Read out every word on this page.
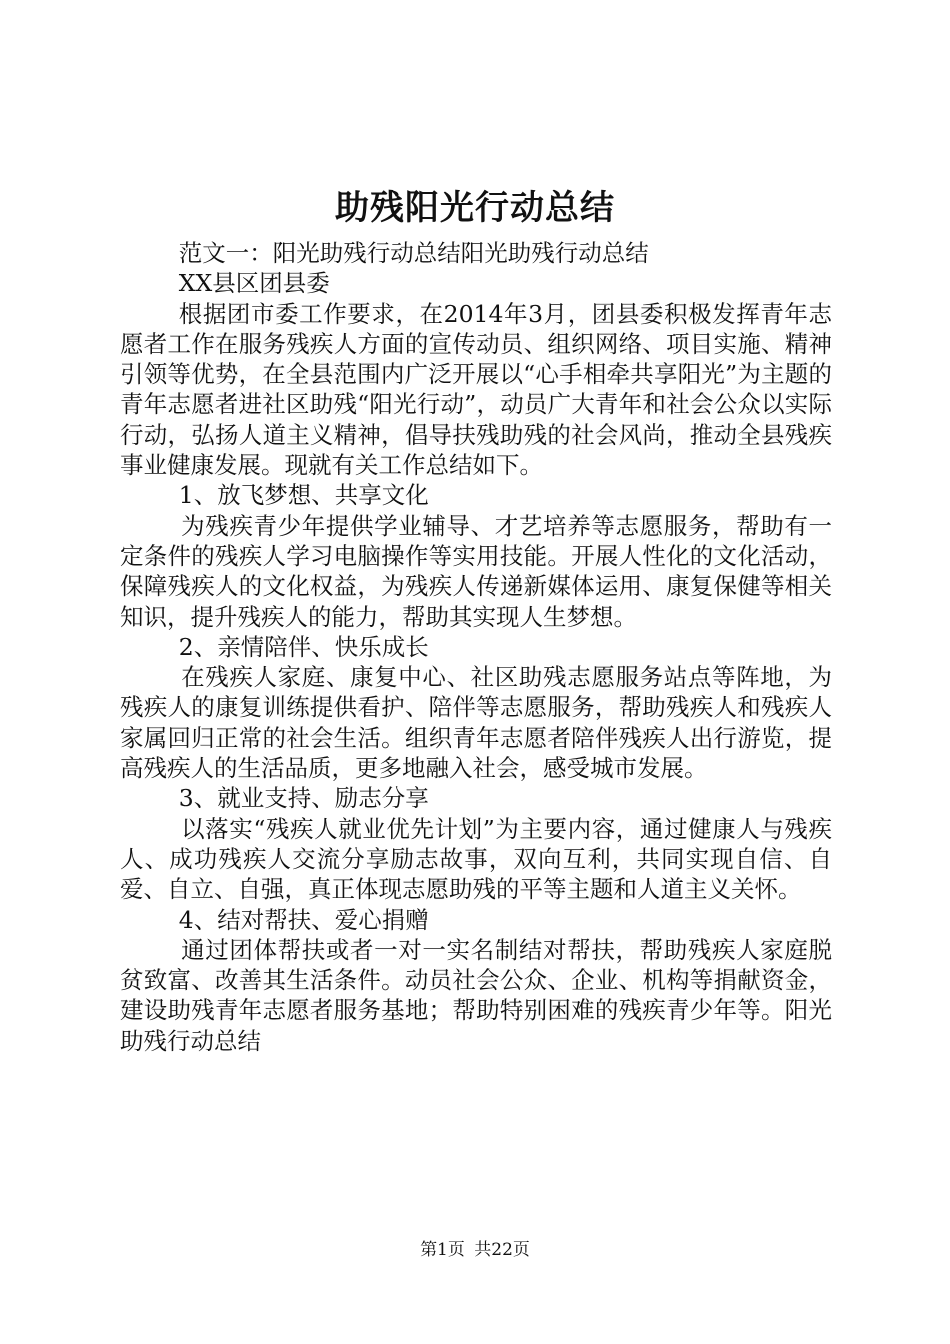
助残阳光行动总结

范文一：阳光助残行动总结阳光助残行动总结

XX县区团县委

根据团市委工作要求，在2014年3月，团县委积极发挥青年志愿者工作在服务残疾人方面的宣传动员、组织网络、项目实施、精神引领等优势，在全县范围内广泛开展以“心手相牵共享阳光”为主题的青年志愿者进社区助残“阳光行动”，动员广大青年和社会公众以实际行动，弘扬人道主义精神，倡导扶残助残的社会风尚，推动全县残疾事业健康发展。现就有关工作总结如下。

1、放飞梦想、共享文化

为残疾青少年提供学业辅导、才艺培养等志愿服务，帮助有一定条件的残疾人学习电脑操作等实用技能。开展人性化的文化活动，保障残疾人的文化权益，为残疾人传递新媒体运用、康复保健等相关知识，提升残疾人的能力，帮助其实现人生梦想。

2、亲情陪伴、快乐成长

在残疾人家庭、康复中心、社区助残志愿服务站点等阵地，为残疾人的康复训练提供看护、陪伴等志愿服务，帮助残疾人和残疾人家属回归正常的社会生活。组织青年志愿者陪伴残疾人出行游览，提高残疾人的生活品质，更多地融入社会，感受城市发展。

3、就业支持、励志分享

以落实“残疾人就业优先计划”为主要内容，通过健康人与残疾人、成功残疾人交流分享励志故事，双向互利，共同实现自信、自爱、自立、自强，真正体现志愿助残的平等主题和人道主义关怀。

4、结对帮扶、爱心捐赠

通过团体帮扶或者一对一实名制结对帮扶，帮助残疾人家庭脱贫致富、改善其生活条件。动员社会公众、企业、机构等捐献资金，建设助残青年志愿者服务基地；帮助特别困难的残疾青少年等。阳光助残行动总结

第1页 共22页
